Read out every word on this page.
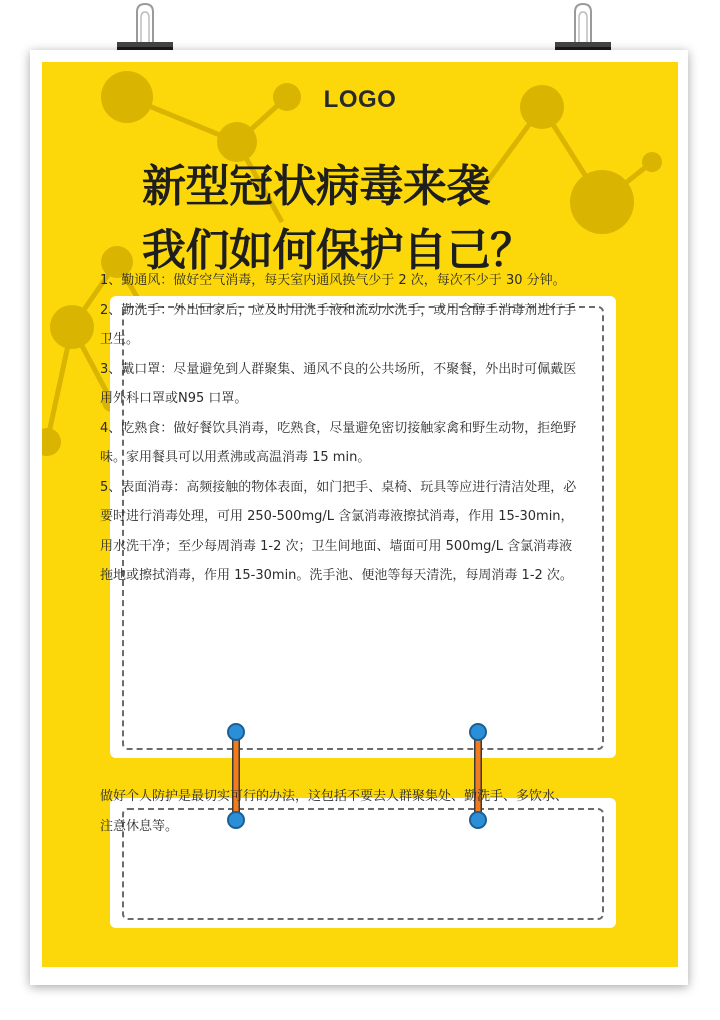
LOGO
新型冠状病毒来袭
我们如何保护自己？
1、勤通风：做好空气消毒，每天室内通风换气少于 2 次，每次不少于 30 分钟。
2、勤洗手：外出回家后，应及时用洗手液和流动水洗手，或用含醇手消毒剂进行手卫生。
3、戴口罩：尽量避免到人群聚集、通风不良的公共场所，不聚餐，外出时可佩戴医用外科口罩或N95 口罩。
4、吃熟食：做好餐饮具消毒，吃熟食，尽量避免密切接触家禽和野生动物，拒绝野味。家用餐具可以用煮沸或高温消毒 15 min。
5、表面消毒：高频接触的物体表面，如门把手、桌椅、玩具等应进行清洁处理，必要时进行消毒处理，可用 250-500mg/L 含氯消毒液擦拭消毒，作用 15-30min，用水洗干净；至少每周消毒 1-2 次；卫生间地面、墙面可用 500mg/L 含氯消毒液拖地或擦拭消毒，作用 15-30min。洗手池、便池等每天清洗，每周消毒 1-2 次。
做好个人防护是最切实可行的办法，这包括不要去人群聚集处、勤洗手、多饮水、注意休息等。
